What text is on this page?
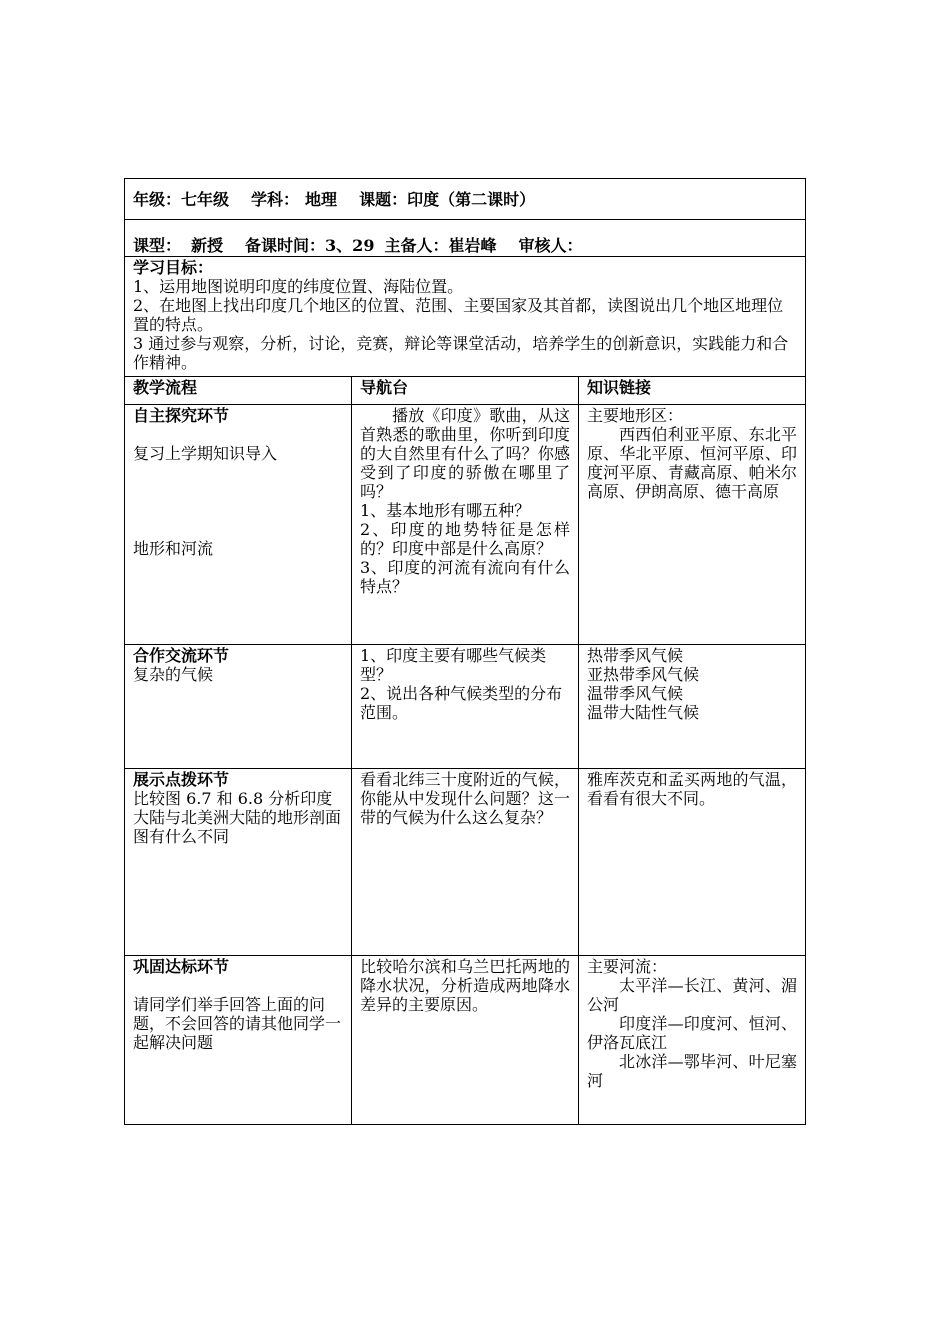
年级：七年级 学科： 地理 课题：印度（第二课时）		
课型： 新授 备课时间：3、29 主备人：崔岩峰 审核人：		

学习目标：
1、运用地图说明印度的纬度位置、海陆位置。
2、在地图上找出印度几个地区的位置、范围、主要国家及其首都，读图说出几个地区地理位置的特点。
3 通过参与观察，分析，讨论，竞赛，辩论等课堂活动，培养学生的创新意识，实践能力和合作精神。		

教学流程	导航台	知识链接

自主探究环节
复习上学期知识导入
地形和河流	播放《印度》歌曲，从这首熟悉的歌曲里，你听到印度的大自然里有什么了吗？你感受到了印度的骄傲在哪里了吗？
1、基本地形有哪五种？
2、印度的地势特征是怎样的？印度中部是什么高原？
3、印度的河流有流向有什么特点？	主要地形区：
西西伯利亚平原、东北平原、华北平原、恒河平原、印度河平原、青藏高原、帕米尔高原、伊朗高原、德干高原

合作交流环节
复杂的气候	1、印度主要有哪些气候类型？
2、说出各种气候类型的分布范围。	热带季风气候
亚热带季风气候
温带季风气候
温带大陆性气候

展示点拨环节
比较图 6.7 和 6.8 分析印度大陆与北美洲大陆的地形剖面图有什么不同	看看北纬三十度附近的气候，你能从中发现什么问题？这一带的气候为什么这么复杂？	雅库茨克和孟买两地的气温，看看有很大不同。

巩固达标环节
请同学们举手回答上面的问题，不会回答的请其他同学一起解决问题	比较哈尔滨和乌兰巴托两地的降水状况，分析造成两地降水差异的主要原因。	主要河流：
太平洋—长江、黄河、湄公河
印度洋—印度河、恒河、伊洛瓦底江
北冰洋—鄂毕河、叶尼塞河
